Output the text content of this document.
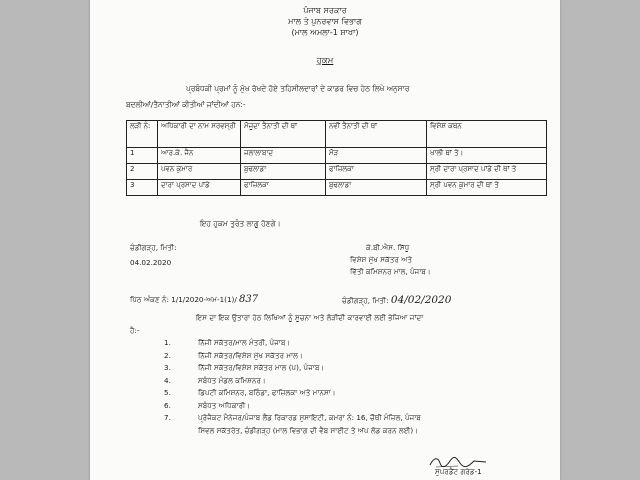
ਪੰਜਾਬ ਸਰਕਾਰ
ਮਾਲ ਤੇ ਪੁਨਰਵਾਸ ਵਿਭਾਗ
(ਮਾਲ ਅਮਲਾ-1 ਸ਼ਾਖਾ)
ਹੁਕਮ
ਪ੍ਰਬੰਧਕੀ ਪ੍ਰਮਾਂ ਨੂੰ ਮੁੱਖ ਰੱਖਦੇ ਹੋਏ ਤਹਿਸੀਲਦਾਰਾਂ ਦੇ ਕਾਡਰ ਵਿਚ ਹੇਠ ਲਿਖੇ ਅਨੁਸਾਰ
ਬਦਲੀਆਂ/ਤੈਨਾਤੀਆਂ ਕੀਤੀਆਂ ਜਾਂਦੀਆਂ ਹਨ:-
ਲੜੀ ਨੰ:	ਅਧਿਕਾਰੀ ਦਾ ਨਾਮ ਸਰਵਸ੍ਰੀ	ਮੌਜੂਦਾ ਤੈਨਾਤੀ ਦੀ ਥਾਂ	ਨਵੀਂ ਤੈਨਾਤੀ ਦੀ ਥਾਂ	ਵਿਸ਼ੇਸ਼ ਕਥਨ
1	ਆਰ.ਕੇ. ਜੈਨ	ਜਲਾਲਾਬਾਦ	ਮੌੜ	ਖਾਲੀ ਥਾਂ ਤੇ।
2	ਪਵਨ ਕੁਮਾਰ	ਬੁਢਲਾਡਾ	ਫਾਜ਼ਿਲਕਾ	ਸ੍ਰੀ ਦਾਰਾ ਪ੍ਰਸਾਦ ਪਾਂਡੇ ਦੀ ਥਾਂ ਤੇ
3	ਦਾਰਾ ਪ੍ਰਸਾਦ ਪਾਂਡੇ	ਫਾਜ਼ਿਲਕਾ	ਬੁਢਲਾਡਾ	ਸ੍ਰੀ ਪਵਨ ਕੁਮਾਰ ਦੀ ਥਾਂ ਤੇ
ਇਹ ਹੁਕਮ ਤੁਰੰਤ ਲਾਗੂ ਹੋਣਗੇ।
ਚੰਡੀਗੜ੍ਹ, ਮਿਤੀ:
04.02.2020
ਕੇ.ਬੀ.ਐਸ. ਸਿੱਧੂ
ਵਿਸ਼ੇਸ਼ ਮੁੱਖ ਸਕੱਤਰ ਅਤੇ
ਵਿੱਤੀ ਕਮਿਸ਼ਨਰ ਮਾਲ, ਪੰਜਾਬ।
ਪਿੱਠ ਅੰਕਣ ਨੰ: 1/1/2020-ਅਮ-1(1)/ 837	ਚੰਡੀਗੜ੍ਹ, ਮਿਤੀ: 04/02/2020
ਇਸ ਦਾ ਇਕ ਉਤਾਰਾ ਹੇਠ ਲਿਖਿਆਂ ਨੂੰ ਸੂਚਨਾ ਅਤੇ ਲੋੜੀਂਦੀ ਕਾਰਵਾਈ ਲਈ ਭੇਜਿਆ ਜਾਂਦਾ
ਹੈ:-
1.	ਨਿੱਜੀ ਸਕੱਤਰ/ਮਾਲ ਮੰਤਰੀ, ਪੰਜਾਬ।
2.	ਨਿੱਜੀ ਸਕੱਤਰ/ਵਿਸ਼ੇਸ਼ ਮੁੱਖ ਸਕੱਤਰ ਮਾਲ।
3.	ਨਿੱਜੀ ਸਕੱਤਰ/ਵਿਸ਼ੇਸ਼ ਸਕੱਤਰ ਮਾਲ (ਪ), ਪੰਜਾਬ।
4.	ਸਬੰਧਤ ਮੰਡਲ ਕਮਿਸ਼ਨਰ।
5.	ਡਿਪਟੀ ਕਮਿਸ਼ਨਰ, ਬਠਿੰਡਾ, ਫਾਜ਼ਿਲਕਾ ਅਤੇ ਮਾਨਸਾ।
6.	ਸਬੰਧਤ ਅਧਿਕਾਰੀ।
7.	ਪ੍ਰੋਜੈਕਟ ਮੈਨੇਜਰ/ਪੰਜਾਬ ਲੈਂਡ ਰਿਕਾਰਡ ਸੁਸਾਇਟੀ, ਕਮਰਾ ਨੰ: 16, ਚੌਥੀ ਮੰਜ਼ਿਲ, ਪੰਜਾਬ
ਸਿਵਲ ਸਕੱਤਰੇਤ, ਚੰਡੀਗੜ੍ਹ (ਮਾਲ ਵਿਭਾਗ ਦੀ ਵੈਬ ਸਾਈਟ ਤੇ ਅੱਪ ਲੋਡ ਕਰਨ ਲਈ)।
ਸੁਪਰਡੈਂਟ ਗਰੇਡ-1
